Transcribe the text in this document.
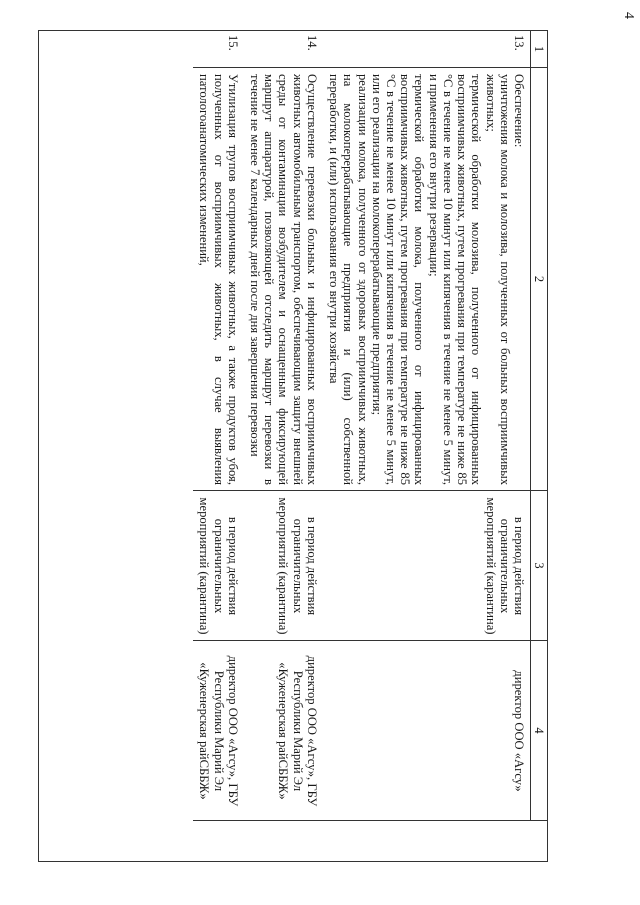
4
1
2
3
4
13.
Обеспечение:
уничтожения молока и молозива, полученных от больных восприимчивых животных;
термической обработки молозива, полученного от инфицированных восприимчивых животных, путем прогревания при температуре не ниже 85 °С в течение не менее 10 минут или кипячения в течение не менее 5 минут, и применения его внутри резервации;
термической обработки молока, полученного от инфицированных восприимчивых животных, путем прогревания при температуре не ниже 85 °С в течение не менее 10 минут или кипячения в течение не менее 5 минут, или его реализации на молокоперерабатывающие предприятия;
реализации молока, полученного от здоровых восприимчивых животных, на молокоперерабатывающие предприятия и (или) собственной переработки, и (или) использования его внутри хозяйства
в период действия ограничительных мероприятий (карантина)
директор ООО «Агсу»
14.
Осуществление перевозки больных и инфицированных восприимчивых животных автомобильным транспортом, обеспечивающим защиту внешней среды от контаминации возбудителем и оснащенным фиксирующей маршрут аппаратурой, позволяющей отследить маршрут перевозки в течение не менее 7 календарных дней после дня завершения перевозки
в период действия ограничительных мероприятий (карантина)
директор ООО «Агсу», ГБУ Республики Марий Эл «Куженерская райСББЖ»
15.
Утилизация трупов восприимчивых животных, а также продуктов убоя, полученных от восприимчивых животных, в случае выявления патологоанатомических изменений,
в период действия ограничительных мероприятий (карантина)
директор ООО «Агсу», ГБУ Республики Марий Эл «Куженерская райСББЖ»
